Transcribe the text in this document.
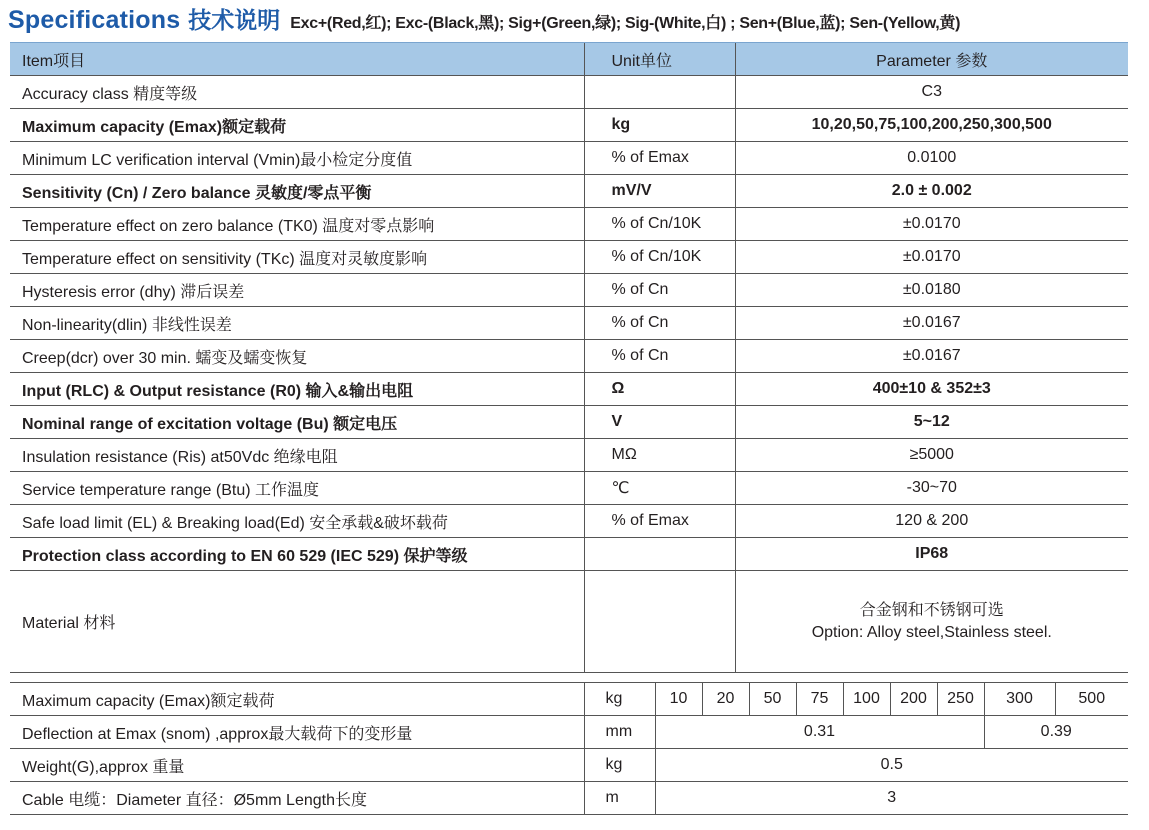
Specifications 技术说明 Exc+(Red,红); Exc-(Black,黑); Sig+(Green,绿); Sig-(White,白) ; Sen+(Blue,蓝); Sen-(Yellow,黄)
Item项目	Unit单位	Parameter 参数
Accuracy class 精度等级		C3
Maximum capacity (Emax)额定载荷	kg	10,20,50,75,100,200,250,300,500
Minimum LC verification interval (Vmin)最小检定分度值	% of Emax	0.0100
Sensitivity (Cn) / Zero balance 灵敏度/零点平衡	mV/V	2.0 ± 0.002
Temperature effect on zero balance (TK0) 温度对零点影响	% of Cn/10K	±0.0170
Temperature effect on sensitivity (TKc) 温度对灵敏度影响	% of Cn/10K	±0.0170
Hysteresis error (dhy) 滞后误差	% of Cn	±0.0180
Non-linearity(dlin) 非线性误差	% of Cn	±0.0167
Creep(dcr) over 30 min. 蠕变及蠕变恢复	% of Cn	±0.0167
Input (RLC) & Output resistance (R0) 输入&输出电阻	Ω	400±10 & 352±3
Nominal range of excitation voltage (Bu) 额定电压	V	5~12
Insulation resistance (Ris) at50Vdc 绝缘电阻	MΩ	≥5000
Service temperature range (Btu) 工作温度	℃	-30~70
Safe load limit (EL) & Breaking load(Ed) 安全承载&破坏载荷	% of Emax	120 & 200
Protection class according to EN 60 529 (IEC 529) 保护等级		IP68
Material 材料		合金钢和不锈钢可选
Option: Alloy steel,Stainless steel.
Maximum capacity (Emax)额定载荷	kg	10	20	50	75	100	200	250	300	500
Deflection at Emax (snom) ,approx最大载荷下的变形量	mm	0.31							0.39	
Weight(G),approx 重量	kg	0.5								
Cable 电缆：Diameter 直径：Ø5mm Length长度	m	3								
